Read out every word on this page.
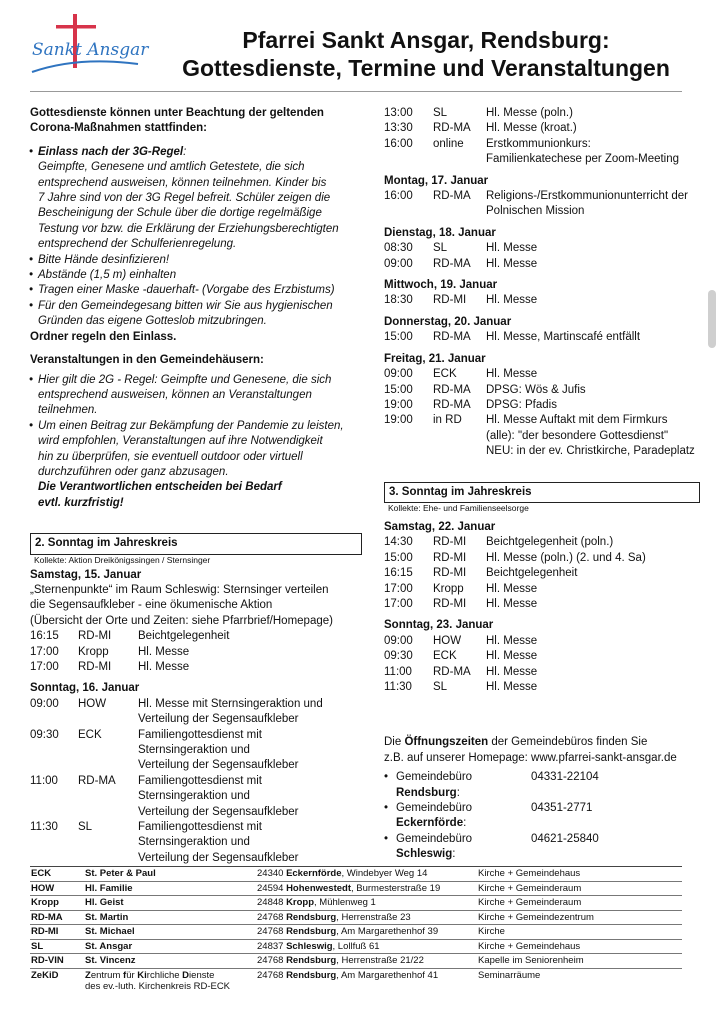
Sankt Ansgar	Pfarrei Sankt Ansgar, Rendsburg:
Gottesdienste, Termine und Veranstaltungen
Gottesdienste können unter Beachtung der geltenden
Corona-Maßnahmen stattfinden:
• Einlass nach der 3G-Regel:
Geimpfte, Genesene und amtlich Getestete, die sich
entsprechend ausweisen, können teilnehmen. Kinder bis
7 Jahre sind von der 3G Regel befreit. Schüler zeigen die
Bescheinigung der Schule über die dortige regelmäßige
Testung vor bzw. die Erklärung der Erziehungsberechtigten
entsprechend der Schulferienregelung.
• Bitte Hände desinfizieren!
• Abstände (1,5 m) einhalten
• Tragen einer Maske -dauerhaft- (Vorgabe des Erzbistums)
• Für den Gemeindegesang bitten wir Sie aus hygienischen
Gründen das eigene Gotteslob mitzubringen.
Ordner regeln den Einlass.
Veranstaltungen in den Gemeindehäusern:
• Hier gilt die 2G - Regel: Geimpfte und Genesene, die sich
entsprechend ausweisen, können an Veranstaltungen
teilnehmen.
• Um einen Beitrag zur Bekämpfung der Pandemie zu leisten,
wird empfohlen, Veranstaltungen auf ihre Notwendigkeit
hin zu überprüfen, sie eventuell outdoor oder virtuell
durchzuführen oder ganz abzusagen.
Die Verantwortlichen entscheiden bei Bedarf
evtl. kurzfristig!
2. Sonntag im Jahreskreis
Kollekte: Aktion Dreikönigssingen / Sternsinger
Samstag, 15. Januar
„Sternenpunkte“ im Raum Schleswig: Sternsinger verteilen
die Segensaufkleber - eine ökumenische Aktion
(Übersicht der Orte und Zeiten: siehe Pfarrbrief/Homepage)
16:15	RD-MI	Beichtgelegenheit
17:00	Kropp	Hl. Messe
17:00	RD-MI	Hl. Messe
Sonntag, 16. Januar
09:00	HOW	Hl. Messe mit Sternsingeraktion und
Verteilung der Segensaufkleber
09:30	ECK	Familiengottesdienst mit
Sternsingeraktion und
Verteilung der Segensaufkleber
11:00	RD-MA	Familiengottesdienst mit
Sternsingeraktion und
Verteilung der Segensaufkleber
11:30	SL	Familiengottesdienst mit
Sternsingeraktion und
Verteilung der Segensaufkleber
13:00	SL	Hl. Messe (poln.)
13:30	RD-MA	Hl. Messe (kroat.)
16:00	online	Erstkommunionkurs:
Familienkatechese per Zoom-Meeting
Montag, 17. Januar
16:00	RD-MA	Religions-/Erstkommunionunterricht der
Polnischen Mission
Dienstag, 18. Januar
08:30	SL	Hl. Messe
09:00	RD-MA	Hl. Messe
Mittwoch, 19. Januar
18:30	RD-MI	Hl. Messe
Donnerstag, 20. Januar
15:00	RD-MA	Hl. Messe, Martinscafé entfällt
Freitag, 21. Januar
09:00	ECK	Hl. Messe
15:00	RD-MA	DPSG: Wös & Jufis
19:00	RD-MA	DPSG: Pfadis
19:00	in RD	Hl. Messe Auftakt mit dem Firmkurs
(alle): "der besondere Gottesdienst"
NEU: in der ev. Christkirche, Paradeplatz
3. Sonntag im Jahreskreis
Kollekte: Ehe- und Familienseelsorge
Samstag, 22. Januar
14:30	RD-MI	Beichtgelegenheit (poln.)
15:00	RD-MI	Hl. Messe (poln.) (2. und 4. Sa)
16:15	RD-MI	Beichtgelegenheit
17:00	Kropp	Hl. Messe
17:00	RD-MI	Hl. Messe
Sonntag, 23. Januar
09:00	HOW	Hl. Messe
09:30	ECK	Hl. Messe
11:00	RD-MA	Hl. Messe
11:30	SL	Hl. Messe
Die Öffnungszeiten der Gemeindebüros finden Sie
z.B. auf unserer Homepage: www.pfarrei-sankt-ansgar.de
• Gemeindebüro Rendsburg:
04331-22104
• Gemeindebüro Eckernförde:
04351-2771
• Gemeindebüro Schleswig:
04621-25840
ECK	St. Peter & Paul	24340 Eckernförde, Windebyer Weg 14	Kirche + Gemeindehaus
HOW	Hl. Familie	24594 Hohenwestedt, Burmesterstraße 19	Kirche + Gemeinderaum
Kropp	Hl. Geist	24848 Kropp, Mühlenweg 1	Kirche + Gemeinderaum
RD-MA	St. Martin	24768 Rendsburg, Herrenstraße 23	Kirche + Gemeindezentrum
RD-MI	St. Michael	24768 Rendsburg, Am Margarethenhof 39	Kirche
SL	St. Ansgar	24837 Schleswig, Lollfuß 61	Kirche + Gemeindehaus
RD-VIN	St. Vincenz	24768 Rendsburg, Herrenstraße 21/22	Kapelle im Seniorenheim
ZeKiD	Zentrum für Kirchliche Dienste
des ev.-luth. Kirchenkreis RD-ECK
24768 Rendsburg, Am Margarethenhof 41	Seminarräume
